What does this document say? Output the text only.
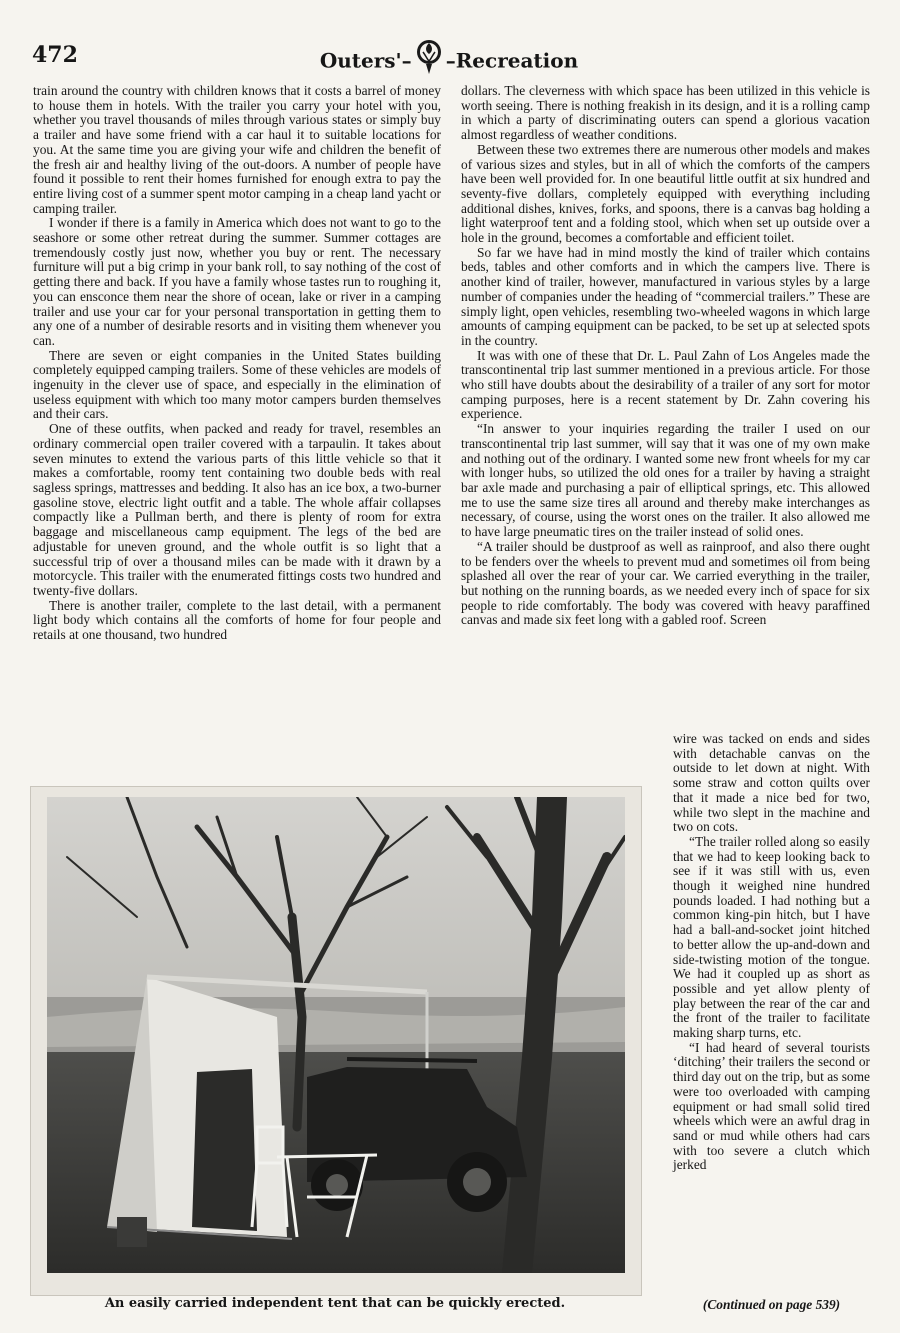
472	Outers'– –Recreation

train around the country with children knows that it costs a barrel of money to house them in hotels. With the trailer you carry your hotel with you, whether you travel thousands of miles through various states or simply buy a trailer and have some friend with a car haul it to suitable locations for you. At the same time you are giving your wife and children the benefit of the fresh air and healthy living of the out-doors. A number of people have found it possible to rent their homes furnished for enough extra to pay the entire living cost of a summer spent motor camping in a cheap land yacht or camping trailer.

I wonder if there is a family in America which does not want to go to the seashore or some other retreat during the summer. Summer cottages are tremendously costly just now, whether you buy or rent. The necessary furniture will put a big crimp in your bank roll, to say nothing of the cost of getting there and back. If you have a family whose tastes run to roughing it, you can ensconce them near the shore of ocean, lake or river in a camping trailer and use your car for your personal transportation in getting them to any one of a number of desirable resorts and in visiting them whenever you can.

There are seven or eight companies in the United States building completely equipped camping trailers. Some of these vehicles are models of ingenuity in the clever use of space, and especially in the elimination of useless equipment with which too many motor campers burden themselves and their cars.

One of these outfits, when packed and ready for travel, resembles an ordinary commercial open trailer covered with a tarpaulin. It takes about seven minutes to extend the various parts of this little vehicle so that it makes a comfortable, roomy tent containing two double beds with real sagless springs, mattresses and bedding. It also has an ice box, a two-burner gasoline stove, electric light outfit and a table. The whole affair collapses compactly like a Pullman berth, and there is plenty of room for extra baggage and miscellaneous camp equipment. The legs of the bed are adjustable for uneven ground, and the whole outfit is so light that a successful trip of over a thousand miles can be made with it drawn by a motorcycle. This trailer with the enumerated fittings costs two hundred and twenty-five dollars.

There is another trailer, complete to the last detail, with a permanent light body which contains all the comforts of home for four people and retails at one thousand, two hundred

dollars. The cleverness with which space has been utilized in this vehicle is worth seeing. There is nothing freakish in its design, and it is a rolling camp in which a party of discriminating outers can spend a glorious vacation almost regardless of weather conditions.

Between these two extremes there are numerous other models and makes of various sizes and styles, but in all of which the comforts of the campers have been well provided for. In one beautiful little outfit at six hundred and seventy-five dollars, completely equipped with everything including additional dishes, knives, forks, and spoons, there is a canvas bag holding a light waterproof tent and a folding stool, which when set up outside over a hole in the ground, becomes a comfortable and efficient toilet.

So far we have had in mind mostly the kind of trailer which contains beds, tables and other comforts and in which the campers live. There is another kind of trailer, however, manufactured in various styles by a large number of companies under the heading of “commercial trailers.” These are simply light, open vehicles, resembling two-wheeled wagons in which large amounts of camping equipment can be packed, to be set up at selected spots in the country.

It was with one of these that Dr. L. Paul Zahn of Los Angeles made the transcontinental trip last summer mentioned in a previous article. For those who still have doubts about the desirability of a trailer of any sort for motor camping purposes, here is a recent statement by Dr. Zahn covering his experience.

“In answer to your inquiries regarding the trailer I used on our transcontinental trip last summer, will say that it was one of my own make and nothing out of the ordinary. I wanted some new front wheels for my car with longer hubs, so utilized the old ones for a trailer by having a straight bar axle made and purchasing a pair of elliptical springs, etc. This allowed me to use the same size tires all around and thereby make interchanges as necessary, of course, using the worst ones on the trailer. It also allowed me to have large pneumatic tires on the trailer instead of solid ones.

“A trailer should be dustproof as well as rainproof, and also there ought to be fenders over the wheels to prevent mud and sometimes oil from being splashed all over the rear of your car. We carried everything in the trailer, but nothing on the running boards, as we needed every inch of space for six people to ride comfortably. The body was covered with heavy paraffined canvas and made six feet long with a gabled roof. Screen

wire was tacked on ends and sides with detachable canvas on the outside to let down at night. With some straw and cotton quilts over that it made a nice bed for two, while two slept in the machine and two on cots.

“The trailer rolled along so easily that we had to keep looking back to see if it was still with us, even though it weighed nine hundred pounds loaded. I had nothing but a common king-pin hitch, but I have had a ball-and-socket joint hitched to better allow the up-and-down and side-twisting motion of the tongue. We had it coupled up as short as possible and yet allow plenty of play between the rear of the car and the front of the trailer to facilitate making sharp turns, etc.

“I had heard of several tourists ‘ditching’ their trailers the second or third day out on the trip, but as some were too overloaded with camping equipment or had small solid tired wheels which were an awful drag in sand or mud while others had cars with too severe a clutch which jerked

An easily carried independent tent that can be quickly erected.	(Continued on page 539)
